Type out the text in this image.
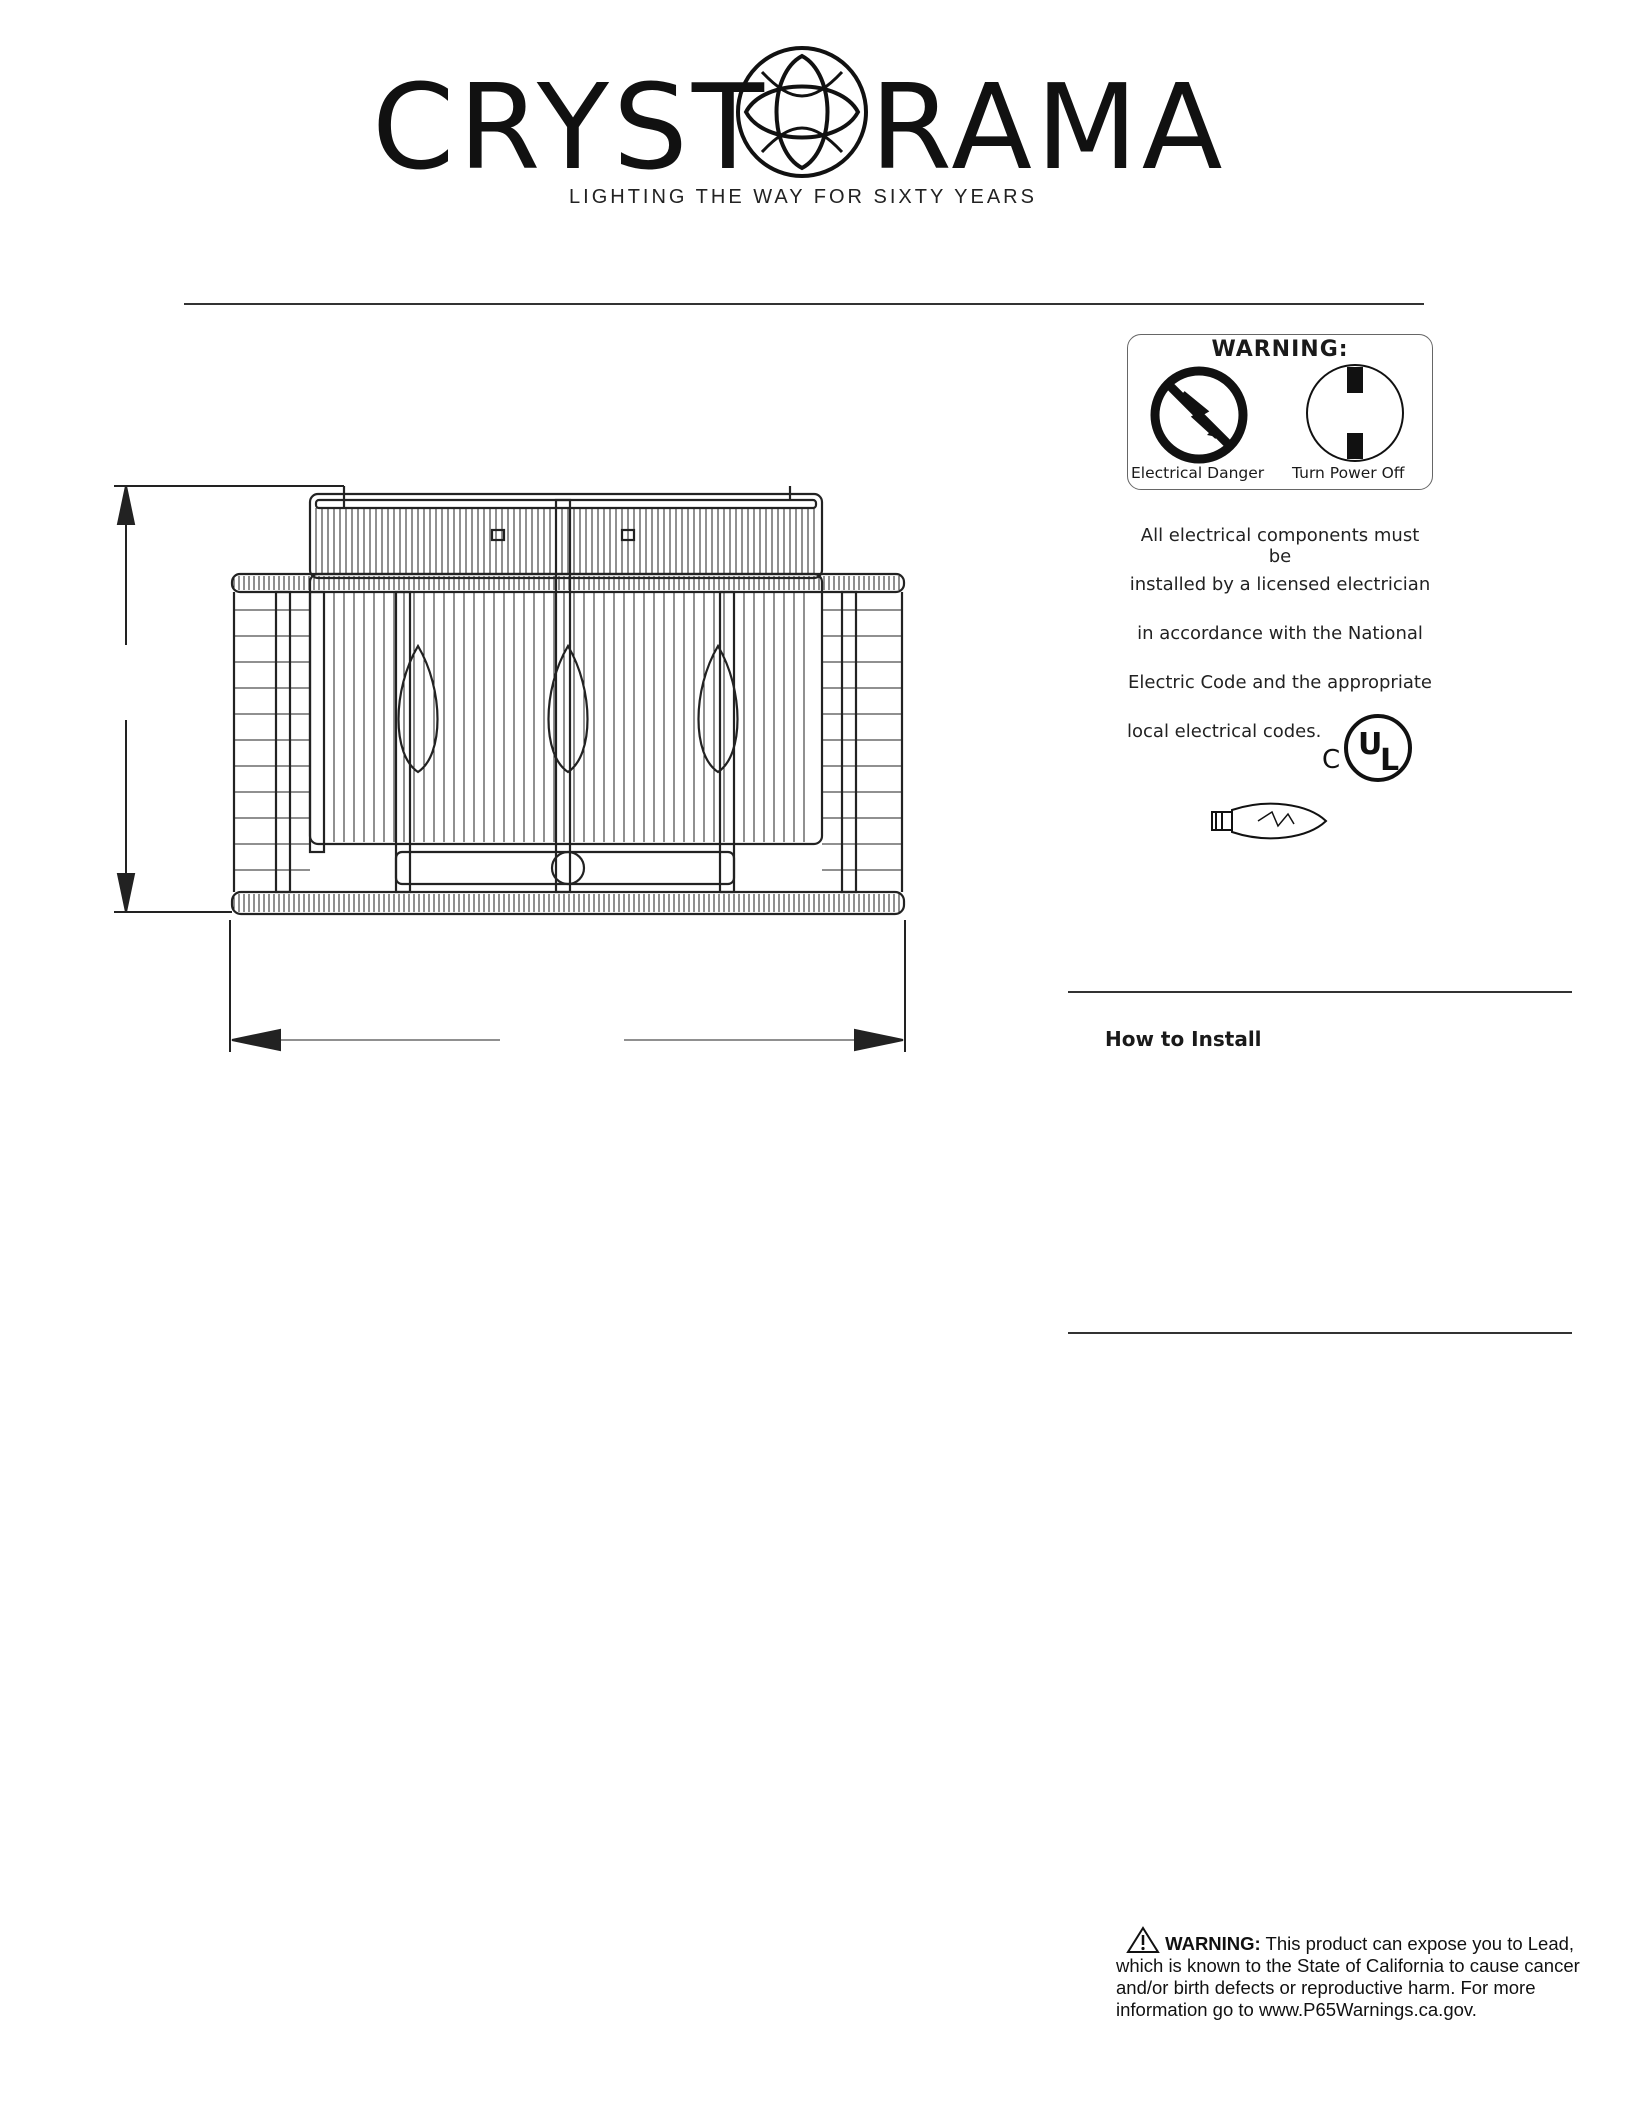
CRYST RAMA
LIGHTING THE WAY FOR SIXTY YEARS
WARNING:
Electrical Danger Turn Power Off
All electrical components must be
installed by a licensed electrician
in accordance with the National
Electric Code and the appropriate
local electrical codes.
C U
L
How to Install
WARNING: This product can expose you to Lead,
which is known to the State of California to cause cancer
and/or birth defects or reproductive harm. For more
information go to www.P65Warnings.ca.gov.
